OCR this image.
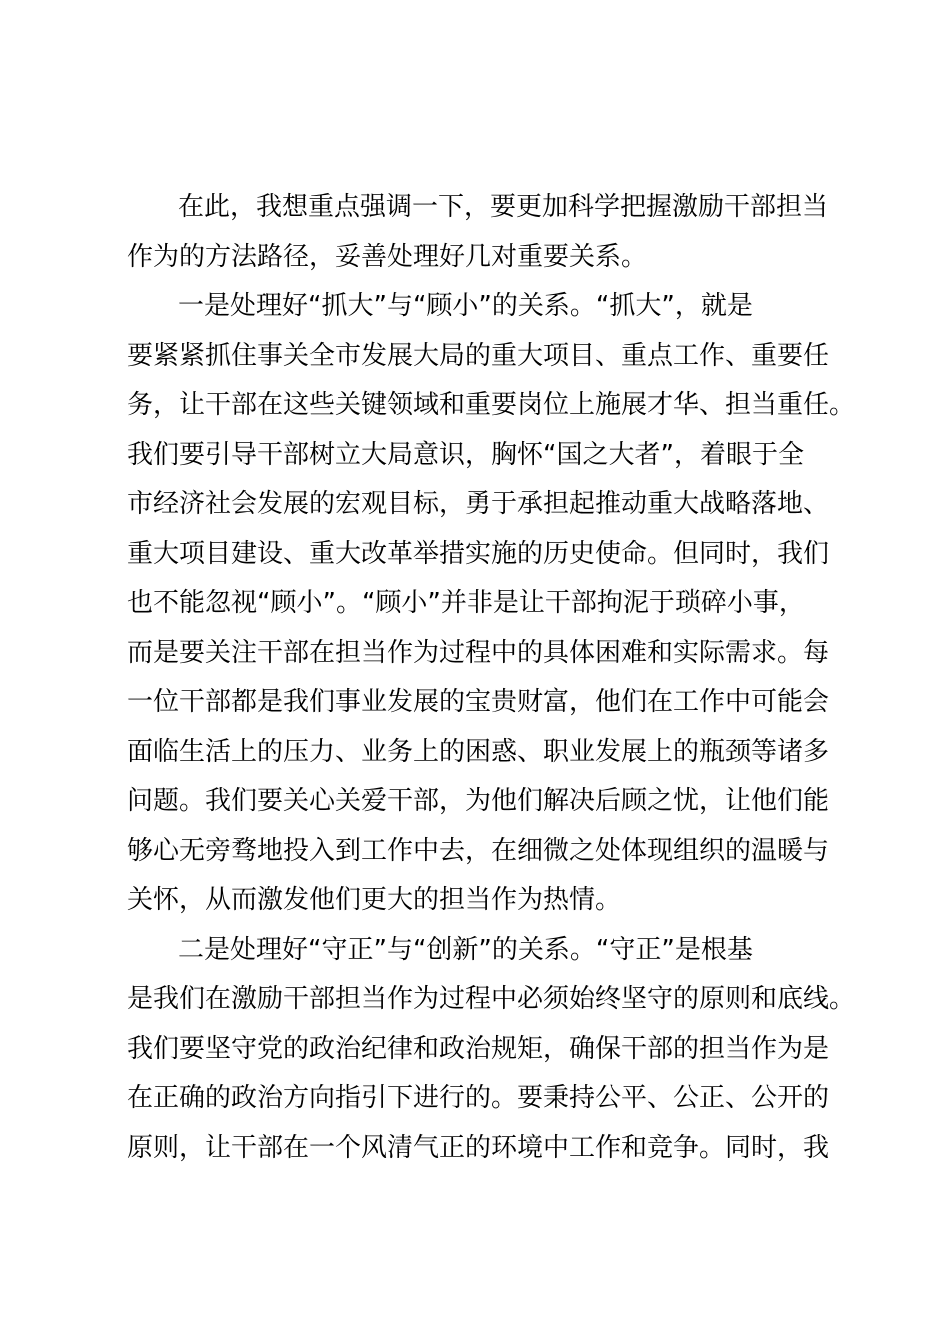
在此，我想重点强调一下，要更加科学把握激励干部担当
作为的方法路径，妥善处理好几对重要关系。
一是处理好“抓大”与“顾小”的关系。“抓大”，就是
要紧紧抓住事关全市发展大局的重大项目、重点工作、重要任
务，让干部在这些关键领域和重要岗位上施展才华、担当重任。
我们要引导干部树立大局意识，胸怀“国之大者”，着眼于全
市经济社会发展的宏观目标，勇于承担起推动重大战略落地、
重大项目建设、重大改革举措实施的历史使命。但同时，我们
也不能忽视“顾小”。“顾小”并非是让干部拘泥于琐碎小事，
而是要关注干部在担当作为过程中的具体困难和实际需求。每
一位干部都是我们事业发展的宝贵财富，他们在工作中可能会
面临生活上的压力、业务上的困惑、职业发展上的瓶颈等诸多
问题。我们要关心关爱干部，为他们解决后顾之忧，让他们能
够心无旁骛地投入到工作中去，在细微之处体现组织的温暖与
关怀，从而激发他们更大的担当作为热情。
二是处理好“守正”与“创新”的关系。“守正”是根基
是我们在激励干部担当作为过程中必须始终坚守的原则和底线。
我们要坚守党的政治纪律和政治规矩，确保干部的担当作为是
在正确的政治方向指引下进行的。要秉持公平、公正、公开的
原则，让干部在一个风清气正的环境中工作和竞争。同时，我
